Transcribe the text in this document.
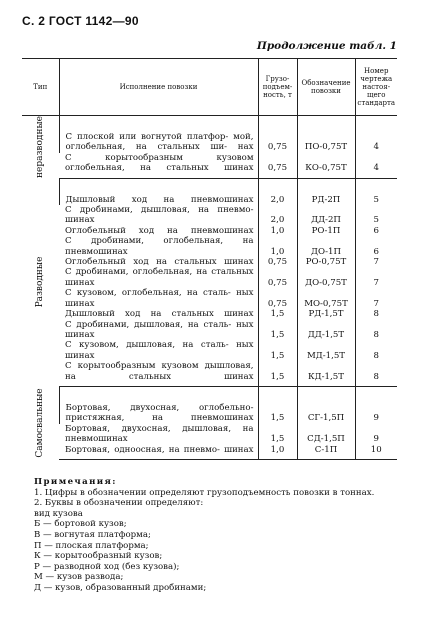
С. 2 ГОСТ 1142—90
Продолжение табл. 1
Тип	Исполнение повозки	Грузоподъемность, т	Обозначение повозки	Номер чертежа настоящего стандарта

неразводные	С плоской или вогнутой платфор- мой, оглобельная, на стальных ши- нах	0,75	ПО-0,75Т	4
	С корытообразным кузовом оглобельная, на стальных шинах	0,75	КО-0,75Т	4

Разводные	Дышловый ход на пневмошинах	2,0	РД-2П	5
	С дробинами, дышловая, на пневмо- шинах	2,0	ДД-2П	5
	Оглобельный ход на пневмошинах	1,0	РО-1П	6
	С дробинами, оглобельная, на пневмошинах	1,0	ДО-1П	6
	Оглобельный ход на стальных шинах	0,75	РО-0,75Т	7
	С дробинами, оглобельная, на стальных шинах	0,75	ДО-0,75Т	7
	С кузовом, оглобельная, на сталь- ных шинах	0,75	МО-0,75Т	7
	Дышловый ход на стальных шинах	1,5	РД-1,5Т	8
	С дробинами, дышловая, на сталь- ных шинах	1,5	ДД-1,5Т	8
	С кузовом, дышловая, на сталь- ных шинах	1,5	МД-1,5Т	8
	С корытообразным кузовом дышловая, на стальных шинах	1,5	КД-1,5Т	8

Самосвальные	Бортовая, двухосная, оглобельно- пристяжная, на пневмошинах	1,5	СГ-1,5П	9
	Бортовая, двухосная, дышловая, на пневмошинах	1,5	СД-1,5П	9
	Бортовая, одноосная, на пневмо- шинах	1,0	С-1П	10
Примечания:
1. Цифры в обозначении определяют грузоподъемность повозки в тоннах.
2. Буквы в обозначении определяют:
вид кузова
Б — бортовой кузов;
В — вогнутая платформа;
П — плоская платформа;
К — корытообразный кузов;
Р — разводной ход (без кузова);
М — кузов развода;
Д — кузов, образованный дробинами;
